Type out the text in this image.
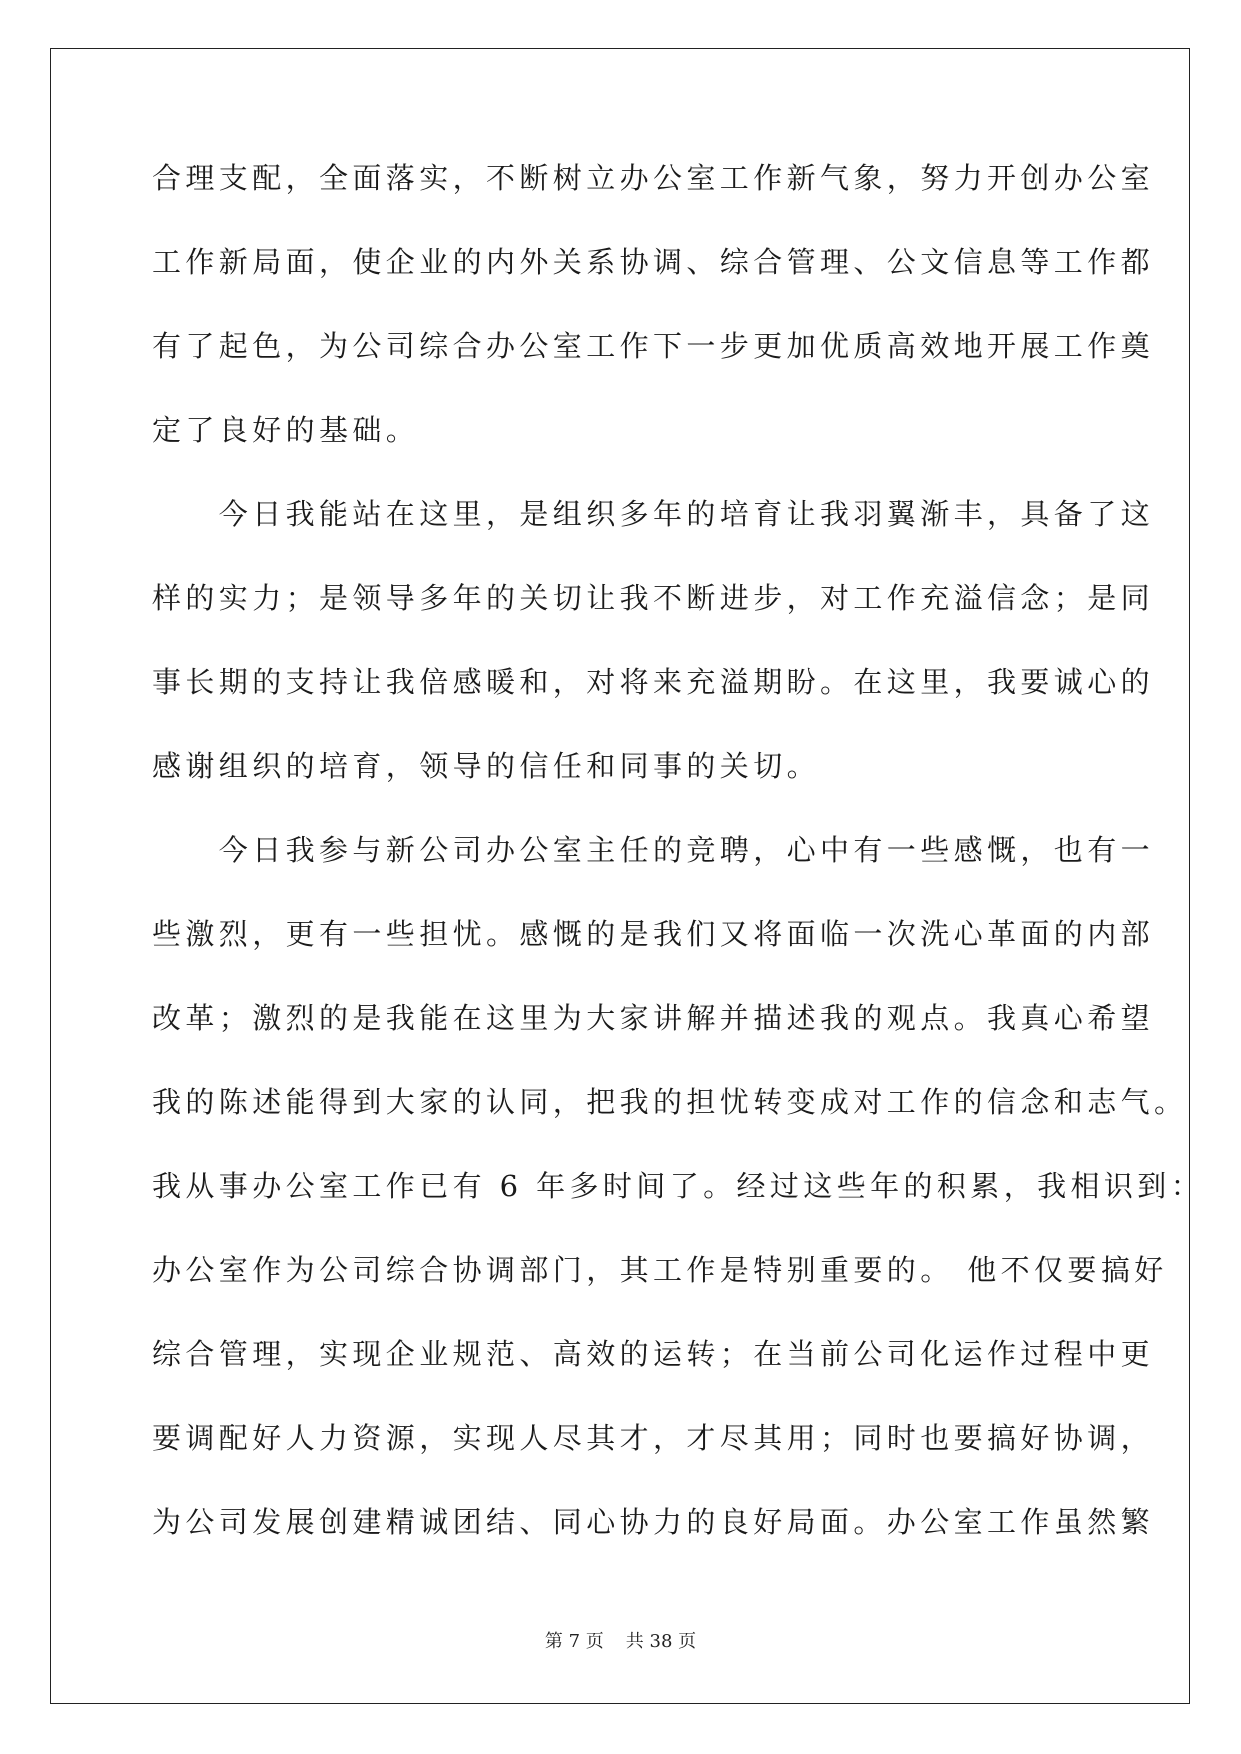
合理支配，全面落实，不断树立办公室工作新气象，努力开创办公室
工作新局面，使企业的内外关系协调、综合管理、公文信息等工作都
有了起色，为公司综合办公室工作下一步更加优质高效地开展工作奠
定了良好的基础。
　　今日我能站在这里，是组织多年的培育让我羽翼渐丰，具备了这
样的实力；是领导多年的关切让我不断进步，对工作充溢信念；是同
事长期的支持让我倍感暖和，对将来充溢期盼。在这里，我要诚心的
感谢组织的培育，领导的信任和同事的关切。
　　今日我参与新公司办公室主任的竞聘，心中有一些感慨，也有一
些激烈，更有一些担忧。感慨的是我们又将面临一次洗心革面的内部
改革；激烈的是我能在这里为大家讲解并描述我的观点。我真心希望
我的陈述能得到大家的认同，把我的担忧转变成对工作的信念和志气。
我从事办公室工作已有 6 年多时间了。经过这些年的积累，我相识到：
办公室作为公司综合协调部门，其工作是特别重要的。 他不仅要搞好
综合管理，实现企业规范、高效的运转；在当前公司化运作过程中更
要调配好人力资源，实现人尽其才，才尽其用；同时也要搞好协调，
为公司发展创建精诚团结、同心协力的良好局面。办公室工作虽然繁
第 7 页 共 38 页
